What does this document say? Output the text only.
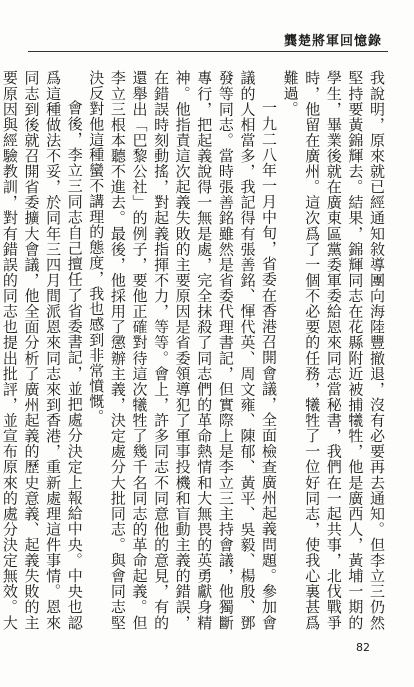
龔楚將軍回憶錄

我說明，原來就已經通知敘導團向海陸豐撤退，沒有必要再去通知。但李立三仍然堅持要黃錦輝去。結果，錦輝同志在花縣附近被捕犧牲，他是廣西人，黃埔一期的學生，畢業後就在廣東區黨委軍委給恩來同志當秘書，我們在一起共事，北伐戰爭時，他留在廣州。這次爲了一個不必要的任務，犧牲了一位好同志，使我心裏甚爲難過。

一九二八年一月中旬，省委在香港召開會議，全面檢查廣州起義問題。參加會議的人相當多，我記得有張善銘、惲代英、周文雍、陳郁、黃平、吳毅、楊殷、鄧發等同志。當時張善銘雖然是省委代理書記，但實際上是李立三主持會議，他獨斷專行，把起義說得一無是處，完全抹殺了同志們的革命熱情和大無畏的英勇獻身精神。他指責這次起義失敗的主要原因是省委領導犯了軍事投機和盲動主義的錯誤，在錯誤時刻動搖，對起義指揮不力，等等。會上，許多同志不同意他的意見，有的還舉出「巴黎公社」的例子，要他正確對待這次犧牲了幾千名同志的革命起義。但李立三根本聽不進去。最後，他採用了懲辦主義，決定處分大批同志。與會同志堅決反對他這種蠻不講理的態度，我也感到非常憤慨。

會後，李立三同志自己擅任了省委書記，並把處分決定上報給中央。中央也認爲這種做法不妥，於同年三四月間派恩來同志來到香港，重新處理這件事情。恩來同志到後就召開省委擴大會議，他全面分析了廣州起義的歷史意義、起義失敗的主要原因與經驗教訓，對有錯誤的同志也提出批評，並宣布原來的處分決定無效。大

82
